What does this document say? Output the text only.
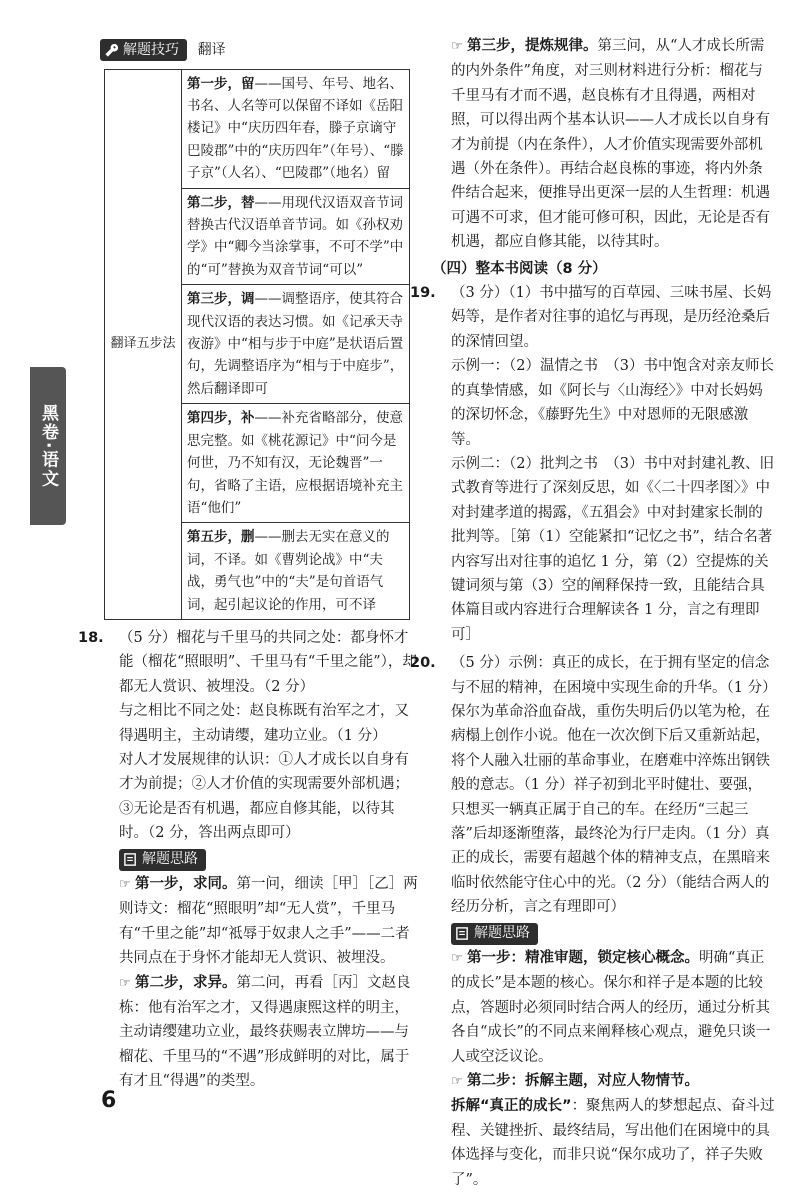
黑卷·语文
解题技巧 翻译
翻译五步法	第一步，留——国号、年号、地名、书名、人名等可以保留不译如《岳阳楼记》中“庆历四年春，滕子京谪守巴陵郡”中的“庆历四年”（年号）、“滕子京”（人名）、“巴陵郡”（地名）留
第二步，替——用现代汉语双音节词替换古代汉语单音节词。如《孙权劝学》中“卿今当涂掌事，不可不学”中的“可”替换为双音节词“可以”
第三步，调——调整语序，使其符合现代汉语的表达习惯。如《记承天寺夜游》中“相与步于中庭”是状语后置句，先调整语序为“相与于中庭步”，然后翻译即可
第四步，补——补充省略部分，使意思完整。如《桃花源记》中“问今是何世，乃不知有汉，无论魏晋”一句，省略了主语，应根据语境补充主语“他们”
第五步，删——删去无实在意义的词，不译。如《曹刿论战》中“夫战，勇气也”中的“夫”是句首语气词，起引起议论的作用，可不译

18. （5 分）榴花与千里马的共同之处：都身怀才能（榴花“照眼明”、千里马有“千里之能”），却都无人赏识、被埋没。（2 分）

与之相比不同之处：赵良栋既有治军之才，又得遇明主，主动请缨，建功立业。（1 分）

对人才发展规律的认识：①人才成长以自身有才为前提；②人才价值的实现需要外部机遇；③无论是否有机遇，都应自修其能，以待其时。（2 分，答出两点即可）

解题思路

☞ 第一步，求同。第一问，细读［甲］［乙］两则诗文：榴花“照眼明”却“无人赏”，千里马有“千里之能”却“祗辱于奴隶人之手”——二者共同点在于身怀才能却无人赏识、被埋没。

☞ 第二步，求异。第二问，再看［丙］文赵良栋：他有治军之才，又得遇康熙这样的明主，主动请缨建功立业，最终获赐表立牌坊——与榴花、千里马的“不遇”形成鲜明的对比，属于有才且“得遇”的类型。

☞ 第三步，提炼规律。第三问，从“人才成长所需的内外条件”角度，对三则材料进行分析：榴花与千里马有才而不遇，赵良栋有才且得遇，两相对照，可以得出两个基本认识——人才成长以自身有才为前提（内在条件），人才价值实现需要外部机遇（外在条件）。再结合赵良栋的事迹，将内外条件结合起来，便推导出更深一层的人生哲理：机遇可遇不可求，但才能可修可积，因此，无论是否有机遇，都应自修其能，以待其时。

（四）整本书阅读（8 分）

19. （3 分）（1）书中描写的百草园、三味书屋、长妈妈等，是作者对往事的追忆与再现，是历经沧桑后的深情回望。

示例一：（2）温情之书　（3）书中饱含对亲友师长的真挚情感，如《阿长与〈山海经〉》中对长妈妈的深切怀念，《藤野先生》中对恩师的无限感激等。

示例二：（2）批判之书　（3）书中对封建礼教、旧式教育等进行了深刻反思，如《〈二十四孝图〉》中对封建孝道的揭露，《五猖会》中对封建家长制的批判等。［第（1）空能紧扣“记忆之书”，结合名著内容写出对往事的追忆 1 分，第（2）空提炼的关键词须与第（3）空的阐释保持一致，且能结合具体篇目或内容进行合理解读各 1 分，言之有理即可］

20. （5 分）示例：真正的成长，在于拥有坚定的信念与不屈的精神，在困境中实现生命的升华。（1 分）保尔为革命浴血奋战，重伤失明后仍以笔为枪，在病榻上创作小说。他在一次次倒下后又重新站起，将个人融入壮丽的革命事业，在磨难中淬炼出钢铁般的意志。（1 分）祥子初到北平时健壮、要强，只想买一辆真正属于自己的车。在经历“三起三落”后却逐渐堕落，最终沦为行尸走肉。（1 分）真正的成长，需要有超越个体的精神支点，在黑暗来临时依然能守住心中的光。（2 分）（能结合两人的经历分析，言之有理即可）

解题思路

☞ 第一步：精准审题，锁定核心概念。明确“真正的成长”是本题的核心。保尔和祥子是本题的比较点，答题时必须同时结合两人的经历，通过分析其各自“成长”的不同点来阐释核心观点，避免只谈一人或空泛议论。

☞ 第二步：拆解主题，对应人物情节。

拆解“真正的成长”：聚焦两人的梦想起点、奋斗过程、关键挫折、最终结局，写出他们在困境中的具体选择与变化，而非只说“保尔成功了，祥子失败了”。

6
